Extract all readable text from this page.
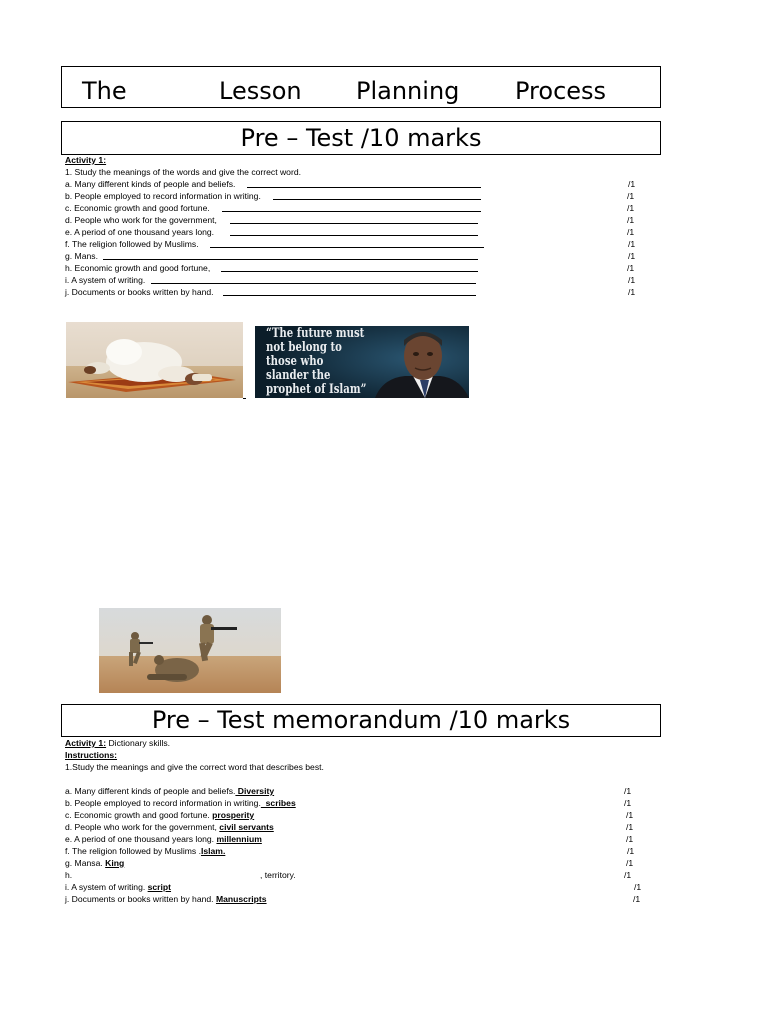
The	Lesson Planning Process
Pre – Test /10 marks
Activity 1:
1. Study the meanings of the words and give the correct word.
a. Many different kinds of people and beliefs.	/1
b. People employed to record information in writing.	/1
c. Economic growth and good fortune.	/1
d. People who work for the government,	/1
e. A period of one thousand years long.	/1
f. The religion followed by Muslims.	/1
g. Mans.	/1
h. Economic growth and good fortune,	/1
i. A system of writing.	/1
j. Documents or books written by hand.	/1
“The future must
not belong to
those who
slander the
prophet of Islam”
Pre – Test memorandum /10 marks
Activity 1: Dictionary skills.
Instructions:
1.Study the meanings and give the correct word that describes best.
a. Many different kinds of people and beliefs. Diversity	/1
b. People employed to record information in writing.  scribes	/1
c. Economic growth and good fortune. prosperity	/1
d. People who work for the government, civil servants	/1
e. A period of one thousand years long. millennium	/1
f. The religion followed by Muslims .Islam.	/1
g. Mansa. King	/1
h.	, territory.	/1
i. A system of writing. script	/1
j. Documents or books written by hand. Manuscripts	/1
